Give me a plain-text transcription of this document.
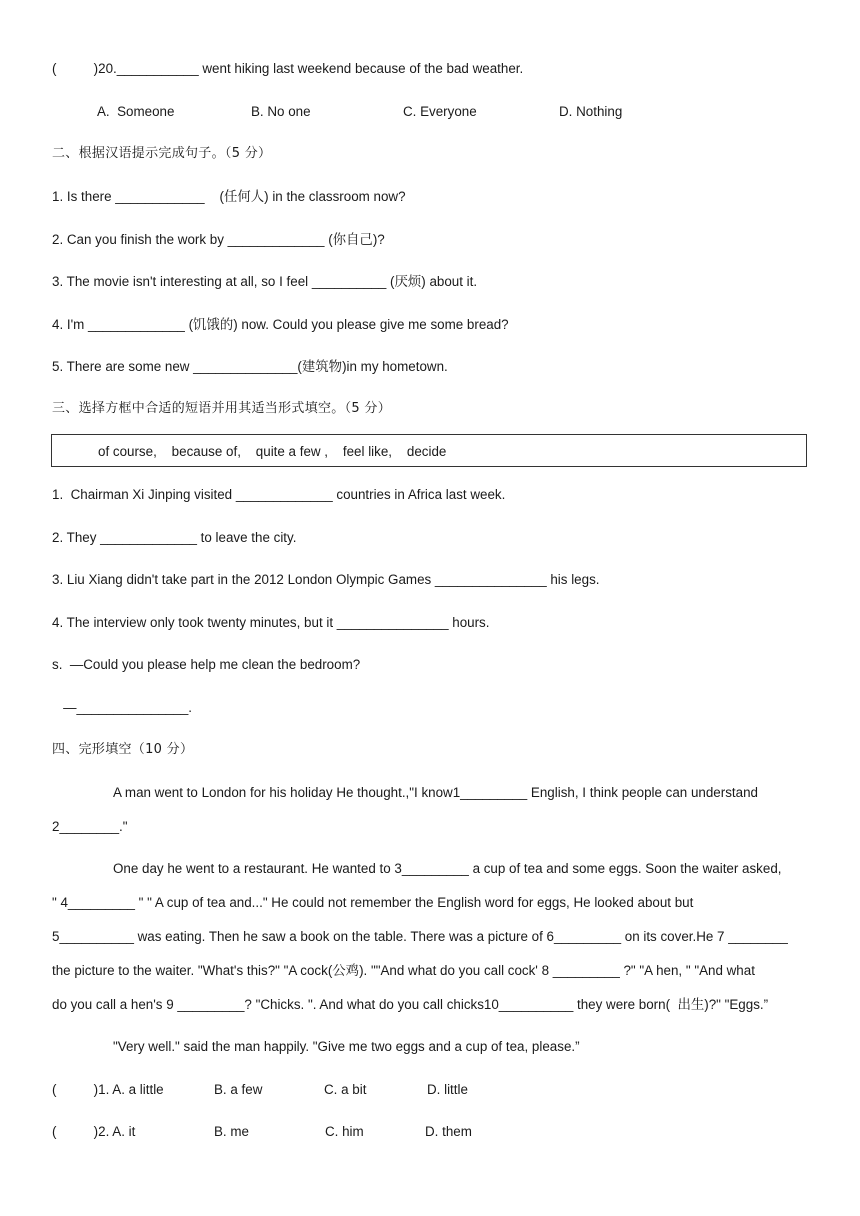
(          )20.___________ went hiking last weekend because of the bad weather.
A.  Someone	B. No one	C. Everyone	D. Nothing
二、根据汉语提示完成句子。（5 分）
1. Is there ____________    (任何人) in the classroom now?
2. Can you finish the work by _____________ (你自己)?
3. The movie isn't interesting at all, so I feel __________ (厌烦) about it.
4. I'm _____________ (饥饿的) now. Could you please give me some bread?
5. There are some new ______________(建筑物)in my hometown.
三、选择方框中合适的短语并用其适当形式填空。（5 分）
of course,    because of,    quite a few ,    feel like,    decide
1.  Chairman Xi Jinping visited _____________ countries in Africa last week.
2. They _____________ to leave the city.
3. Liu Xiang didn't take part in the 2012 London Olympic Games _______________ his legs.
4. The interview only took twenty minutes, but it _______________ hours.
s.  —Could you please help me clean the bedroom?
—_______________.
四、完形填空（10 分）
A man went to London for his holiday He thought.,"I know1_________ English, I think people can understand
2________."
One day he went to a restaurant. He wanted to 3_________ a cup of tea and some eggs. Soon the waiter asked,
" 4_________ " " A cup of tea and..." He could not remember the English word for eggs, He looked about but
5__________ was eating. Then he saw a book on the table. There was a picture of 6_________ on its cover.He 7 ________
the picture to the waiter. "What's this?" "A cock(公鸡). ""And what do you call cock' 8 _________ ?" "A hen, " "And what
do you call a hen's 9 _________? "Chicks. ". And what do you call chicks10__________ they were born(  出生)?" "Eggs.”
"Very well." said the man happily. "Give me two eggs and a cup of tea, please.”
(          )1. A. a little	B. a few	C. a bit	D. little
(          )2. A. it	B. me	C. him	D. them
